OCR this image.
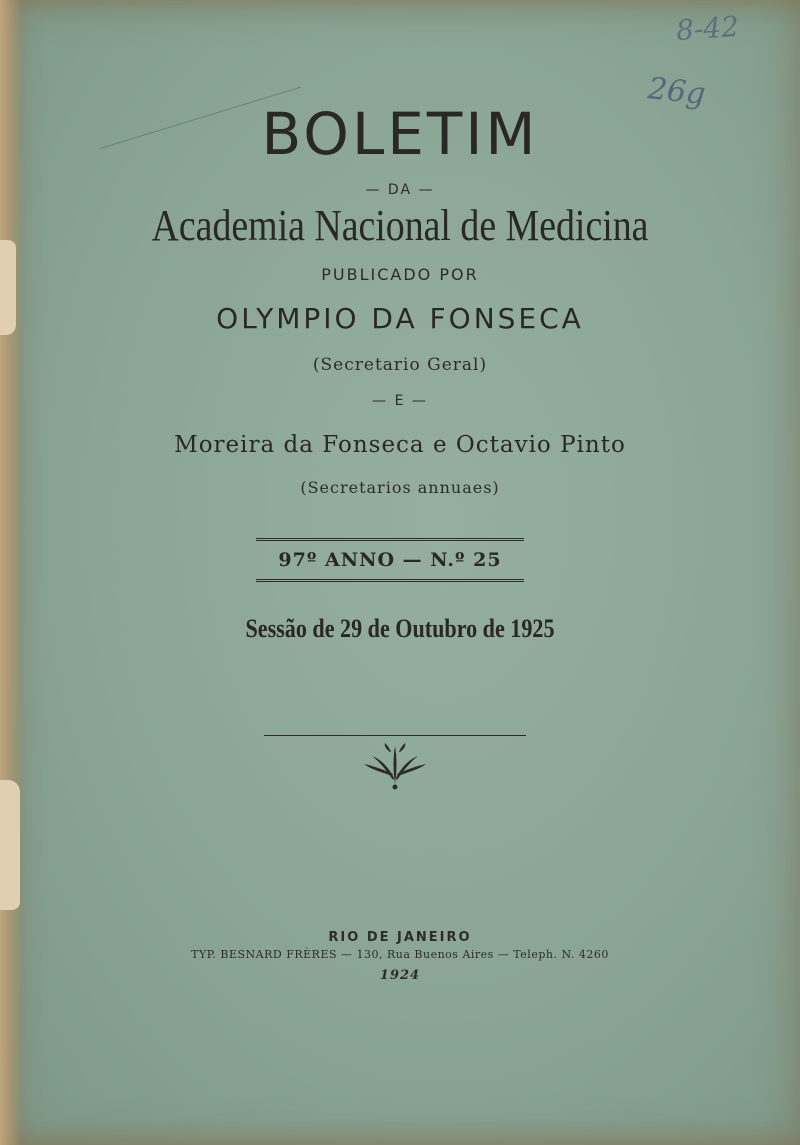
8-42
26g
BOLETIM
— DA —
Academia Nacional de Medicina
PUBLICADO POR
OLYMPIO DA FONSECA
(Secretario Geral)
— E —
Moreira da Fonseca e Octavio Pinto
(Secretarios annuaes)
97º ANNO — N.º 25
Sessão de 29 de Outubro de 1925
RIO DE JANEIRO
TYP. BESNARD FRÈRES — 130, Rua Buenos Aires — Teleph. N. 4260
1924
